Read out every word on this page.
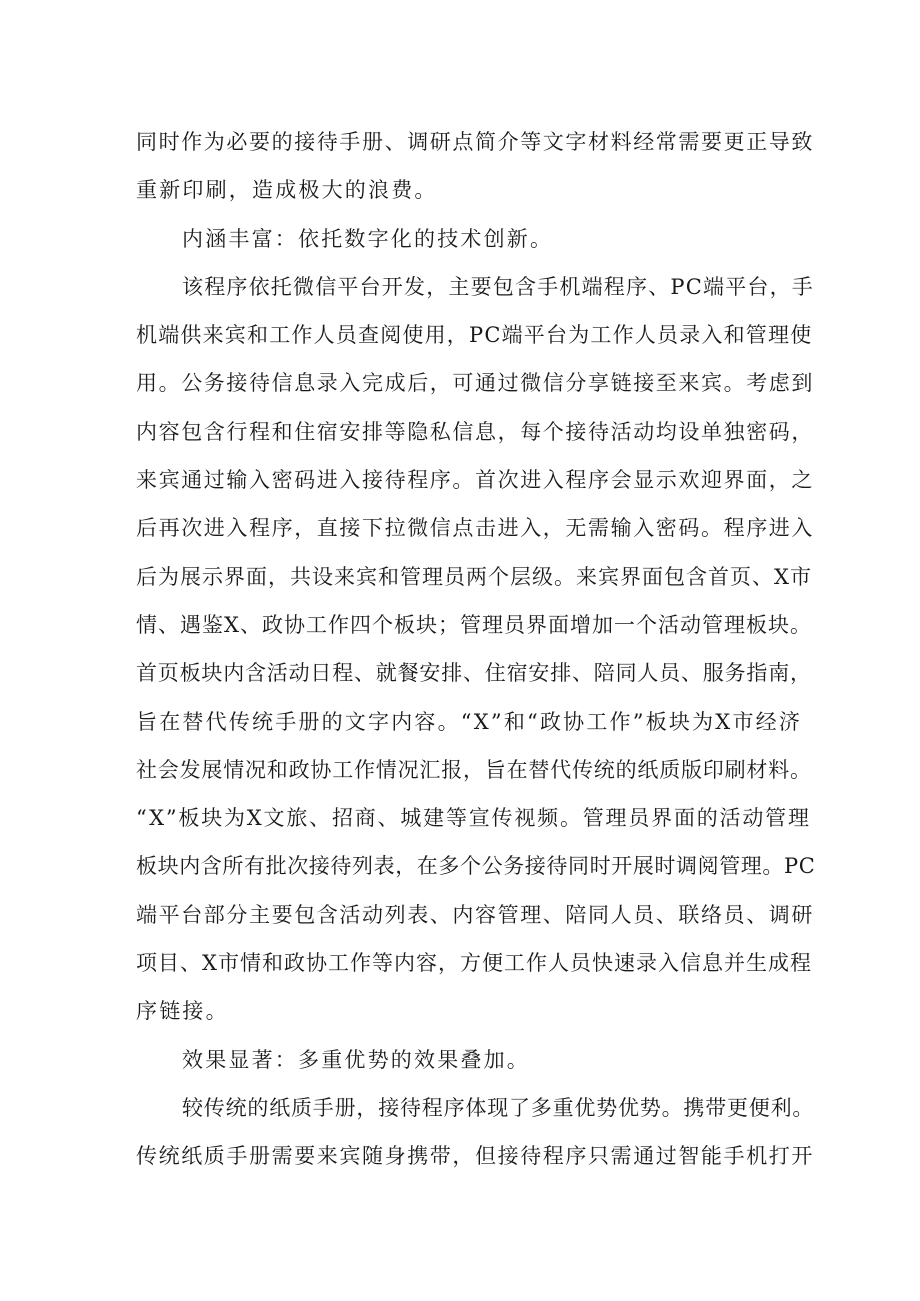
同时作为必要的接待手册、调研点简介等文字材料经常需要更正导致
重新印刷，造成极大的浪费。
内涵丰富：依托数字化的技术创新。
该程序依托微信平台开发，主要包含手机端程序、PC端平台，手
机端供来宾和工作人员查阅使用，PC端平台为工作人员录入和管理使
用。公务接待信息录入完成后，可通过微信分享链接至来宾。考虑到
内容包含行程和住宿安排等隐私信息，每个接待活动均设单独密码，
来宾通过输入密码进入接待程序。首次进入程序会显示欢迎界面，之
后再次进入程序，直接下拉微信点击进入，无需输入密码。程序进入
后为展示界面，共设来宾和管理员两个层级。来宾界面包含首页、X市
情、遇鉴X、政协工作四个板块；管理员界面增加一个活动管理板块。
首页板块内含活动日程、就餐安排、住宿安排、陪同人员、服务指南，
旨在替代传统手册的文字内容。“X”和“政协工作”板块为X市经济
社会发展情况和政协工作情况汇报，旨在替代传统的纸质版印刷材料。
“X”板块为X文旅、招商、城建等宣传视频。管理员界面的活动管理
板块内含所有批次接待列表，在多个公务接待同时开展时调阅管理。PC
端平台部分主要包含活动列表、内容管理、陪同人员、联络员、调研
项目、X市情和政协工作等内容，方便工作人员快速录入信息并生成程
序链接。
效果显著：多重优势的效果叠加。
较传统的纸质手册，接待程序体现了多重优势优势。携带更便利。
传统纸质手册需要来宾随身携带，但接待程序只需通过智能手机打开
